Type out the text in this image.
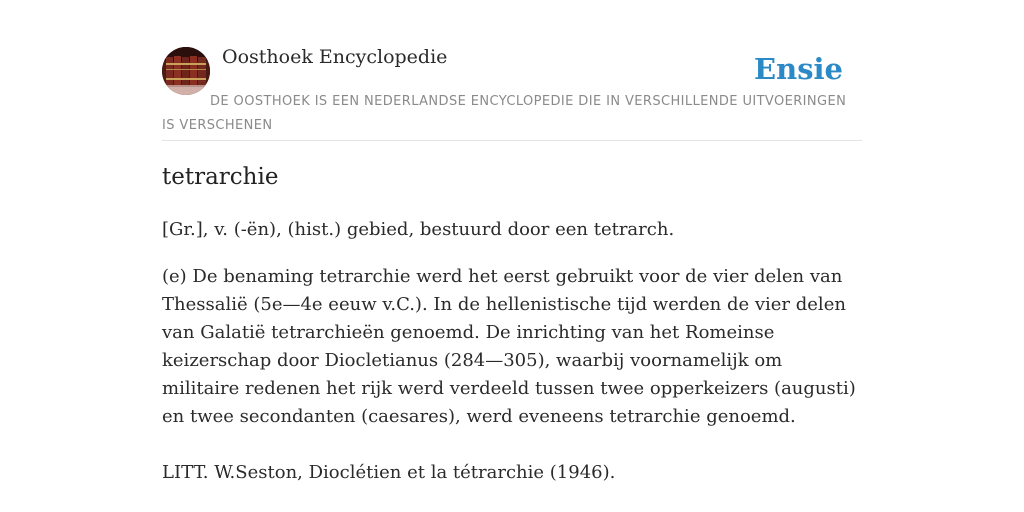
Oosthoek Encyclopedie	Ensie
DE OOSTHOEK IS EEN NEDERLANDSE ENCYCLOPEDIE DIE IN VERSCHILLENDE UITVOERINGEN IS VERSCHENEN
tetrarchie

[Gr.], v. (-ën), (hist.) gebied, bestuurd door een tetrarch.

(e) De benaming tetrarchie werd het eerst gebruikt voor de vier delen van Thessalië (5e—4e eeuw v.C.). In de hellenistische tijd werden de vier delen van Galatië tetrarchieën genoemd. De inrichting van het Romeinse keizerschap door Diocletianus (284—305), waarbij voornamelijk om militaire redenen het rijk werd verdeeld tussen twee opperkeizers (augusti) en twee secondanten (caesares), werd eveneens tetrarchie genoemd.

LITT. W.Seston, Dioclétien et la tétrarchie (1946).
